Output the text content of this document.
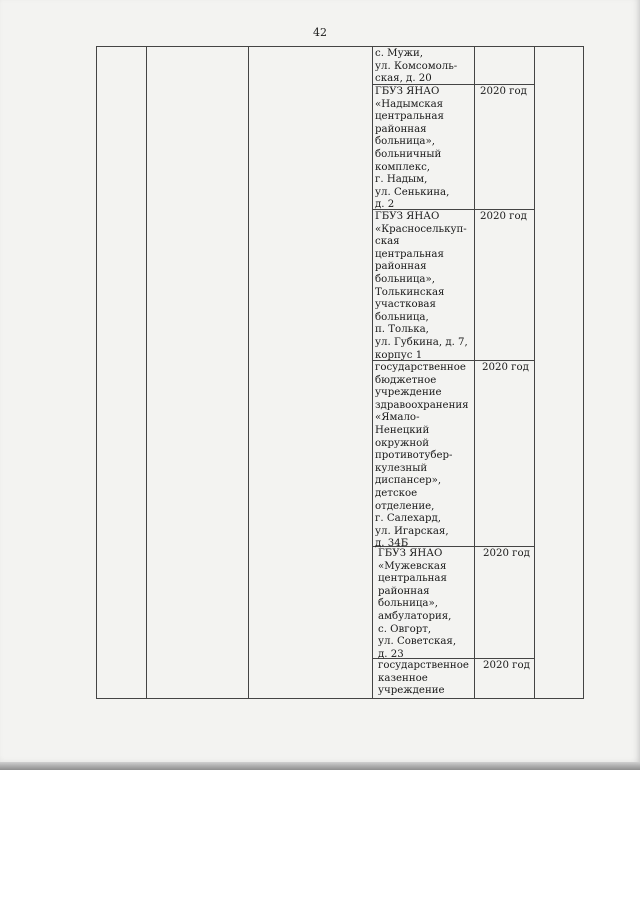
42
с. Мужи,
ул. Комсомоль-
ская, д. 20
ГБУЗ ЯНАО
«Надымская
центральная
районная
больница»,
больничный
комплекс,
г. Надым,
ул. Сенькина,
д. 2
2020 год
ГБУЗ ЯНАО
«Красноселькуп-
ская
центральная
районная
больница»,
Толькинская
участковая
больница,
п. Толька,
ул. Губкина, д. 7,
корпус 1
2020 год
государственное
бюджетное
учреждение
здравоохранения
«Ямало-
Ненецкий
окружной
противотубер-
кулезный
диспансер»,
детское
отделение,
г. Салехард,
ул. Игарская,
д. 34Б
2020 год
ГБУЗ ЯНАО
«Мужевская
центральная
районная
больница»,
амбулатория,
с. Овгорт,
ул. Советская,
д. 23
2020 год
государственное
казенное
учреждение
2020 год
